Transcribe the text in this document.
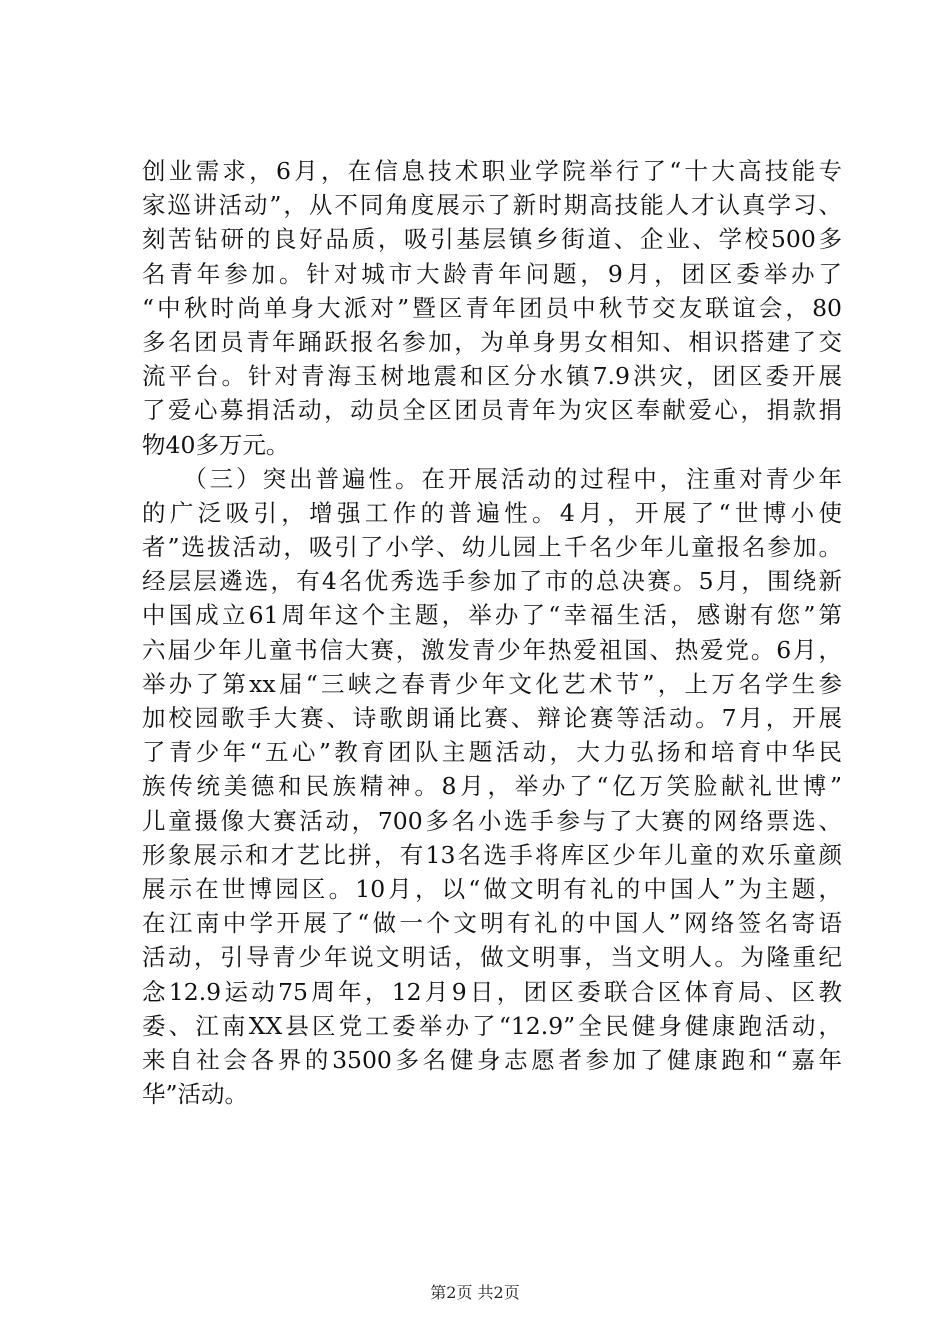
创业需求，6月，在信息技术职业学院举行了“十大高技能专
家巡讲活动”，从不同角度展示了新时期高技能人才认真学习、
刻苦钻研的良好品质，吸引基层镇乡街道、企业、学校500多
名青年参加。针对城市大龄青年问题，9月，团区委举办了
“中秋时尚单身大派对”暨区青年团员中秋节交友联谊会，80
多名团员青年踊跃报名参加，为单身男女相知、相识搭建了交
流平台。针对青海玉树地震和区分水镇7.9洪灾，团区委开展
了爱心募捐活动，动员全区团员青年为灾区奉献爱心，捐款捐
物40多万元。
　　（三）突出普遍性。在开展活动的过程中，注重对青少年
的广泛吸引，增强工作的普遍性。4月，开展了“世博小使
者”选拔活动，吸引了小学、幼儿园上千名少年儿童报名参加。
经层层遴选，有4名优秀选手参加了市的总决赛。5月，围绕新
中国成立61周年这个主题，举办了“幸福生活，感谢有您”第
六届少年儿童书信大赛，激发青少年热爱祖国、热爱党。6月，
举办了第xx届“三峡之春青少年文化艺术节”，上万名学生参
加校园歌手大赛、诗歌朗诵比赛、辩论赛等活动。7月，开展
了青少年“五心”教育团队主题活动，大力弘扬和培育中华民
族传统美德和民族精神。8月，举办了“亿万笑脸献礼世博”
儿童摄像大赛活动，700多名小选手参与了大赛的网络票选、
形象展示和才艺比拼，有13名选手将库区少年儿童的欢乐童颜
展示在世博园区。10月，以“做文明有礼的中国人”为主题，
在江南中学开展了“做一个文明有礼的中国人”网络签名寄语
活动，引导青少年说文明话，做文明事，当文明人。为隆重纪
念12.9运动75周年，12月9日，团区委联合区体育局、区教
委、江南XX县区党工委举办了“12.9”全民健身健康跑活动，
来自社会各界的3500多名健身志愿者参加了健康跑和“嘉年
华”活动。
第2页 共2页
